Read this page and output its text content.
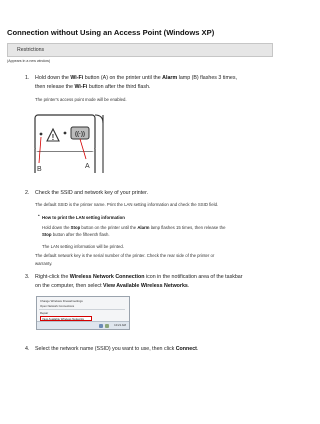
Connection without Using an Access Point (Windows XP)
Restrictions
(Appears in a new window)
1. Hold down the Wi-Fi button (A) on the printer until the Alarm lamp (B) flashes 3 times,
then release the Wi-Fi button after the third flash.
The printer's access point mode will be enabled.
!	((·))
B	A
2. Check the SSID and network key of your printer.
The default SSID is the printer name. Print the LAN setting information and check the SSID field.
• How to print the LAN setting information
Hold down the Stop button on the printer until the Alarm lamp flashes 15 times, then release the
Stop button after the fifteenth flash.
The LAN setting information will be printed.
The default network key is the serial number of the printer. Check the rear side of the printer or
warranty.
3. Right-click the Wireless Network Connection icon in the notification area of the taskbar
on the computer, then select View Available Wireless Networks.
Change Windows Firewall settings
Open Network Connections
Repair
View Available Wireless Networks
10:21 AM
4. Select the network name (SSID) you want to use, then click Connect.
